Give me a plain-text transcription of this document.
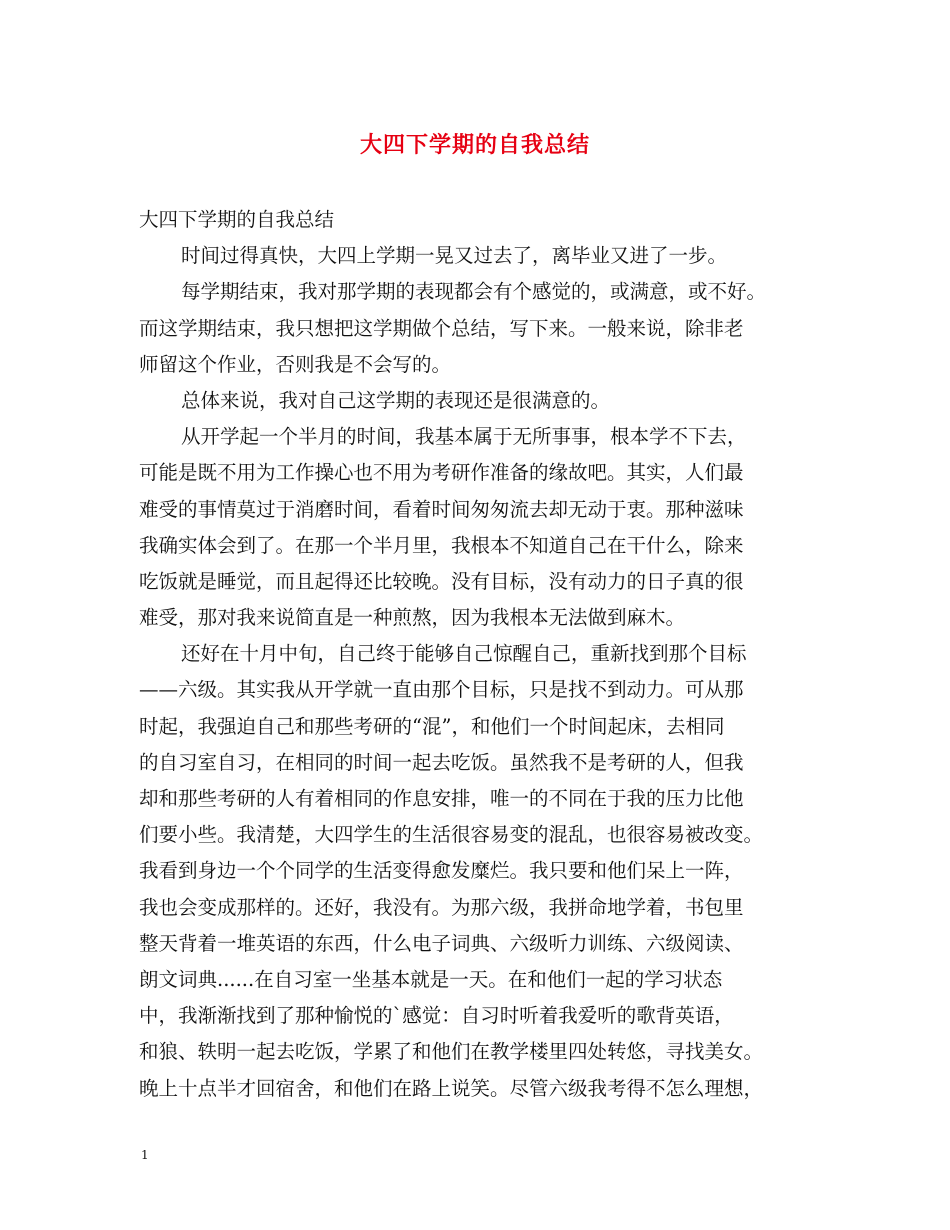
大四下学期的自我总结
大四下学期的自我总结
时间过得真快，大四上学期一晃又过去了，离毕业又进了一步。
每学期结束，我对那学期的表现都会有个感觉的，或满意，或不好。
而这学期结束，我只想把这学期做个总结，写下来。一般来说，除非老
师留这个作业，否则我是不会写的。
总体来说，我对自己这学期的表现还是很满意的。
从开学起一个半月的时间，我基本属于无所事事，根本学不下去，
可能是既不用为工作操心也不用为考研作准备的缘故吧。其实，人们最
难受的事情莫过于消磨时间，看着时间匆匆流去却无动于衷。那种滋味
我确实体会到了。在那一个半月里，我根本不知道自己在干什么，除来
吃饭就是睡觉，而且起得还比较晚。没有目标，没有动力的日子真的很
难受，那对我来说简直是一种煎熬，因为我根本无法做到麻木。
还好在十月中旬，自己终于能够自己惊醒自己，重新找到那个目标
——六级。其实我从开学就一直由那个目标，只是找不到动力。可从那
时起，我强迫自己和那些考研的“混”，和他们一个时间起床，去相同
的自习室自习，在相同的时间一起去吃饭。虽然我不是考研的人，但我
却和那些考研的人有着相同的作息安排，唯一的不同在于我的压力比他
们要小些。我清楚，大四学生的生活很容易变的混乱，也很容易被改变。
我看到身边一个个同学的生活变得愈发糜烂。我只要和他们呆上一阵，
我也会变成那样的。还好，我没有。为那六级，我拼命地学着，书包里
整天背着一堆英语的东西，什么电子词典、六级听力训练、六级阅读、
朗文词典......在自习室一坐基本就是一天。在和他们一起的学习状态
中，我渐渐找到了那种愉悦的`感觉：自习时听着我爱听的歌背英语，
和狼、轶明一起去吃饭，学累了和他们在教学楼里四处转悠，寻找美女。
晚上十点半才回宿舍，和他们在路上说笑。尽管六级我考得不怎么理想，
1
